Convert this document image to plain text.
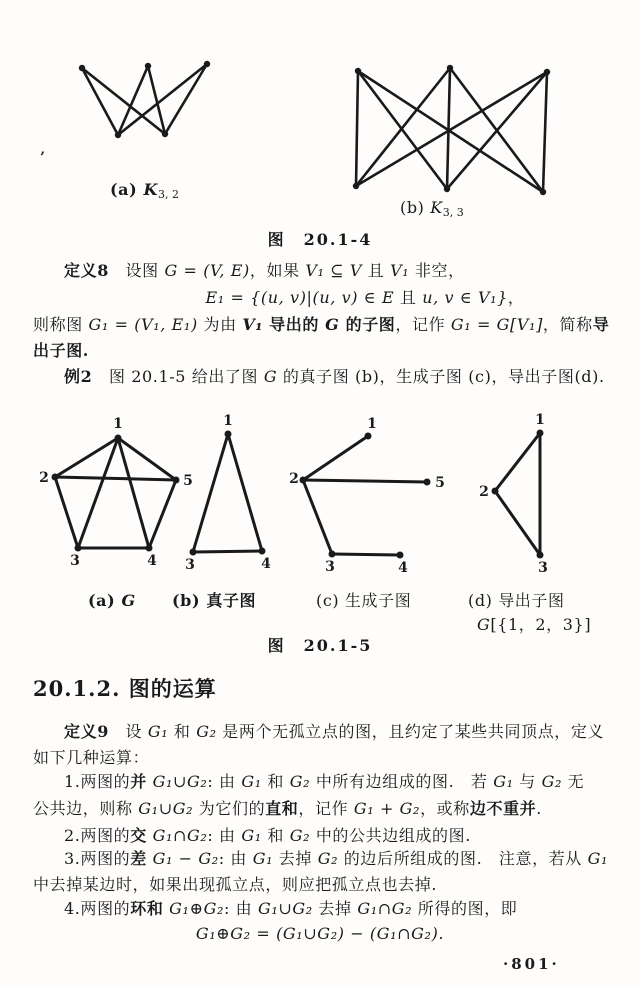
(a) $K_{3, 2}$
(b) $K_{3, 3}$
图　20.1-4
’
定义8　设图 G = (V, E)，如果 V₁ ⊆ V 且 V₁ 非空，
E₁ = {(u, v)|(u, v) ∈ E 且 u, v ∈ V₁}，
则称图 G₁ = (V₁, E₁) 为由 V₁ 导出的 G 的子图，记作 G₁ = G[V₁]，简称导
出子图.
例2　图 20.1-5 给出了图 G 的真子图 (b)，生成子图 (c)，导出子图(d).
1
2	5
3	4
1
3	4
1
2	5
3	4
1
2
3
(a) G (b) 真子图	(c) 生成子图	(d) 导出子图
G[{1，2，3}]
图　20.1-5
20.1.2. 图的运算
定义9　设 G₁ 和 G₂ 是两个无孤立点的图，且约定了某些共同顶点，定义
如下几种运算：
1.两图的并 G₁∪G₂: 由 G₁ 和 G₂ 中所有边组成的图.　若 G₁ 与 G₂ 无
公共边，则称 G₁∪G₂ 为它们的直和，记作 G₁ + G₂，或称边不重并.
2.两图的交 G₁∩G₂: 由 G₁ 和 G₂ 中的公共边组成的图.
3.两图的差 G₁ − G₂: 由 G₁ 去掉 G₂ 的边后所组成的图.　注意，若从 G₁
中去掉某边时，如果出现孤立点，则应把孤立点也去掉.
4.两图的环和 G₁⊕G₂: 由 G₁∪G₂ 去掉 G₁∩G₂ 所得的图，即
G₁⊕G₂ = (G₁∪G₂) − (G₁∩G₂).
·801·
